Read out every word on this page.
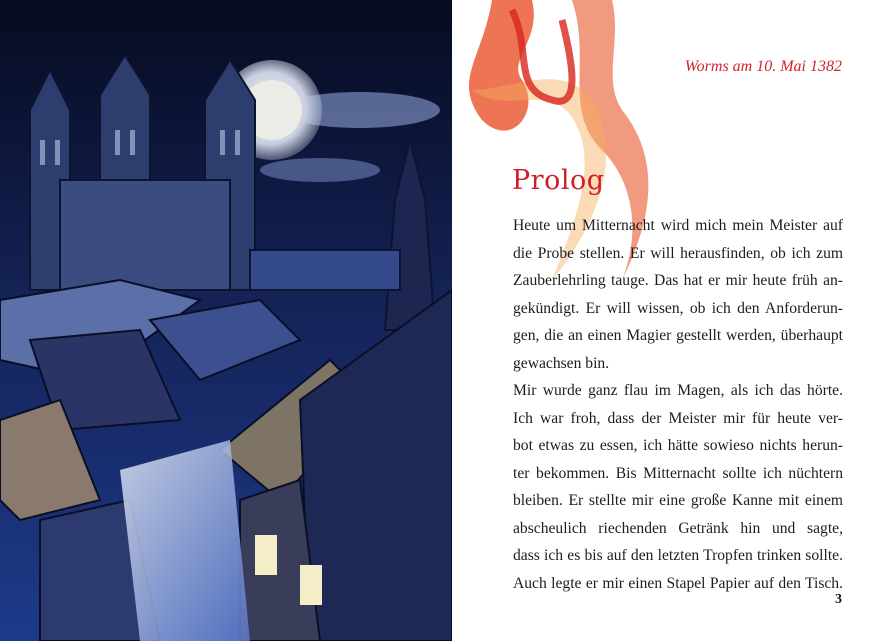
Worms am 10. Mai 1382
Prolog
Heute um Mitternacht wird mich mein Meister auf
die Probe stellen. Er will herausfinden, ob ich zum
Zauberlehrling tauge. Das hat er mir heute früh an-
gekündigt. Er will wissen, ob ich den Anforderun-
gen, die an einen Magier gestellt werden, überhaupt
gewachsen bin.
Mir wurde ganz flau im Magen, als ich das hörte.
Ich war froh, dass der Meister mir für heute ver-
bot etwas zu essen, ich hätte sowieso nichts herun-
ter bekommen. Bis Mitternacht sollte ich nüchtern
bleiben. Er stellte mir eine große Kanne mit einem
abscheulich riechenden Getränk hin und sagte,
dass ich es bis auf den letzten Tropfen trinken sollte.
Auch legte er mir einen Stapel Papier auf den Tisch.
3
